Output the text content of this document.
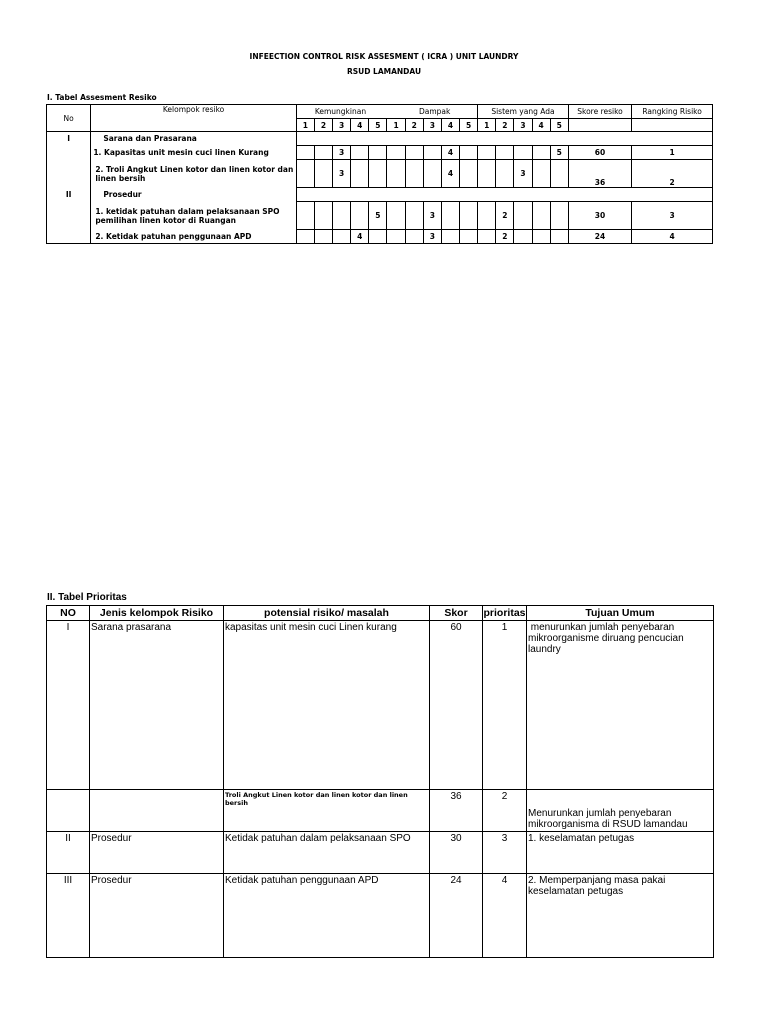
INFEECTION CONTROL RISK ASSESMENT ( ICRA ) UNIT LAUNDRY
RSUD LAMANDAU
I. Tabel Assesment Resiko
No	Kelompok resiko	Kemungkinan					Dampak					Sistem yang Ada					Skore resiko	Rangking Risiko
		1	2	3	4	5	1	2	3	4	5	1	2	3	4	5		
I	Sarana dan Prasarana																	
	1. Kapasitas unit mesin cuci linen Kurang			3						4						5	60	1
	2. Troli Angkut Linen kotor dan linen kotor dan linen bersih			3						4				3			36	2
II	Prosedur																	
	1. ketidak patuhan dalam pelaksanaan SPO pemilihan linen kotor di Ruangan					5			3				2				30	3
	2. Ketidak patuhan penggunaan APD				4				3				2				24	4
II. Tabel Prioritas
NO	Jenis kelompok Risiko	potensial risiko/ masalah	Skor	prioritas	Tujuan Umum
I	Sarana prasarana	kapasitas unit mesin cuci Linen kurang	60	1	menurunkan jumlah penyebaran mikroorganisme diruang pencucian laundry
		Troli Angkut Linen kotor dan linen kotor dan linen bersih	36	2	Menurunkan jumlah penyebaran mikroorganisma di RSUD lamandau
II	Prosedur	Ketidak patuhan dalam pelaksanaan SPO	30	3	1. keselamatan petugas
III	Prosedur	Ketidak patuhan penggunaan APD	24	4	2. Memperpanjang masa pakai keselamatan petugas
